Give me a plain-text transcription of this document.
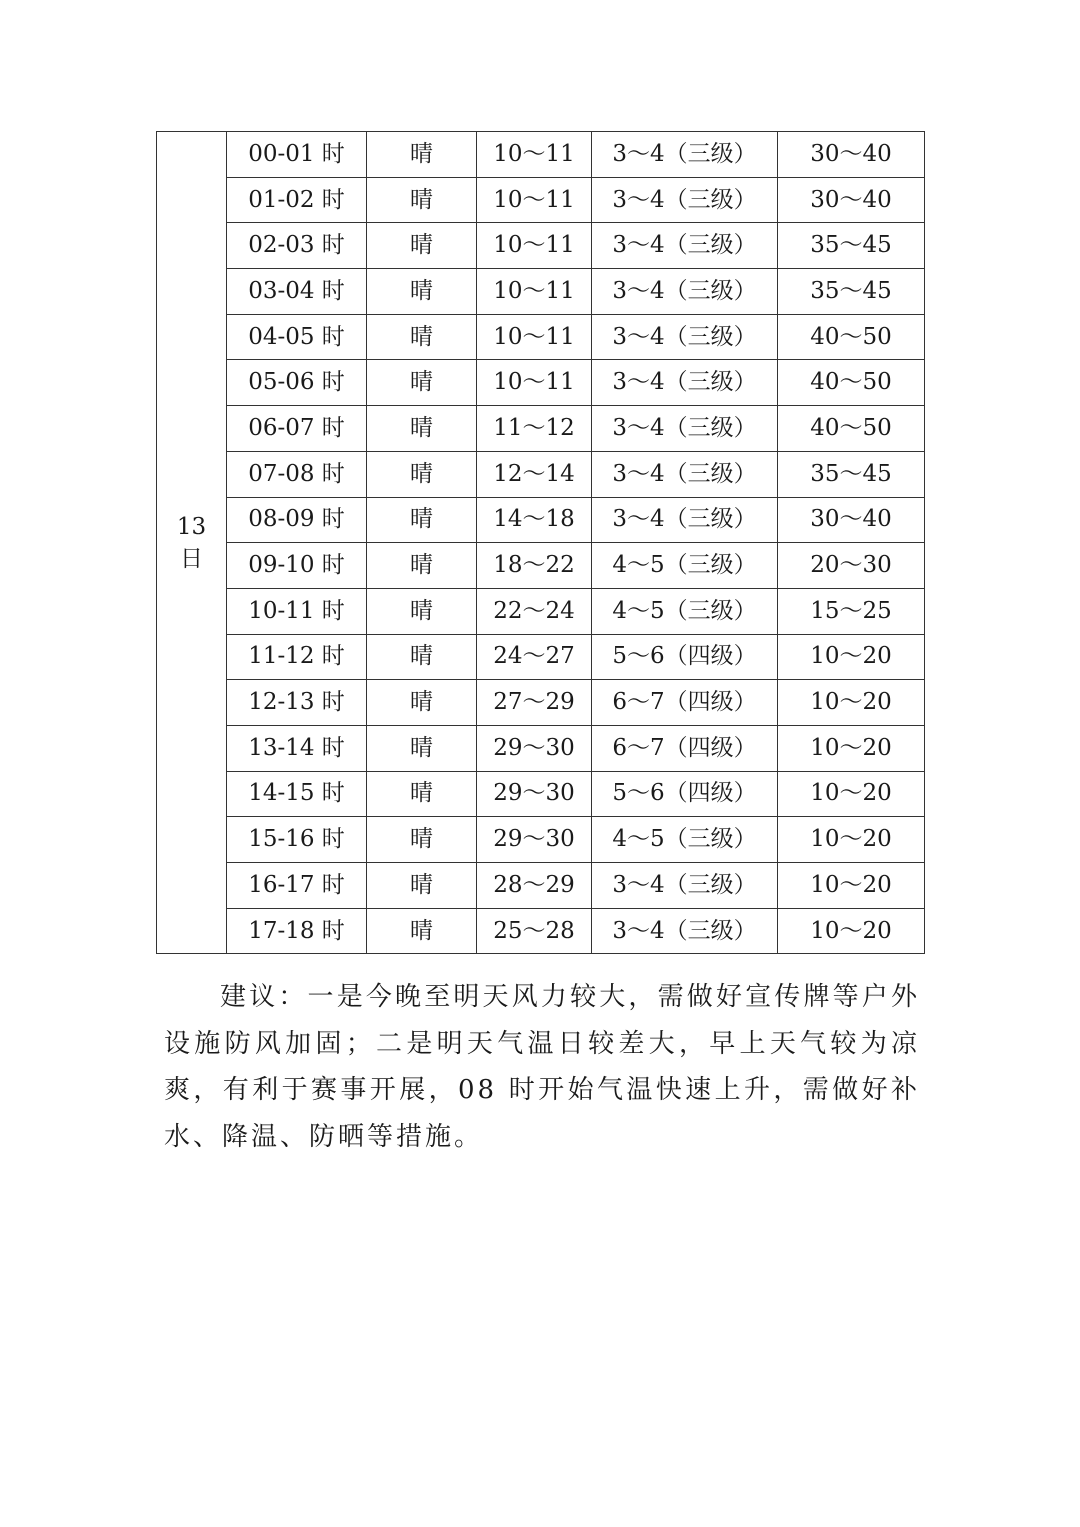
13
日	00-01 时	晴	10～11	3～4（三级）	30～40
	01-02 时	晴	10～11	3～4（三级）	30～40
	02-03 时	晴	10～11	3～4（三级）	35～45
	03-04 时	晴	10～11	3～4（三级）	35～45
	04-05 时	晴	10～11	3～4（三级）	40～50
	05-06 时	晴	10～11	3～4（三级）	40～50
	06-07 时	晴	11～12	3～4（三级）	40～50
	07-08 时	晴	12～14	3～4（三级）	35～45
	08-09 时	晴	14～18	3～4（三级）	30～40
	09-10 时	晴	18～22	4～5（三级）	20～30
	10-11 时	晴	22～24	4～5（三级）	15～25
	11-12 时	晴	24～27	5～6（四级）	10～20
	12-13 时	晴	27～29	6～7（四级）	10～20
	13-14 时	晴	29～30	6～7（四级）	10～20
	14-15 时	晴	29～30	5～6（四级）	10～20
	15-16 时	晴	29～30	4～5（三级）	10～20
	16-17 时	晴	28～29	3～4（三级）	10～20
	17-18 时	晴	25～28	3～4（三级）	10～20

建议：一是今晚至明天风力较大，需做好宣传牌等户外设施防风加固；二是明天气温日较差大，早上天气较为凉爽，有利于赛事开展，08 时开始气温快速上升，需做好补水、降温、防晒等措施。
